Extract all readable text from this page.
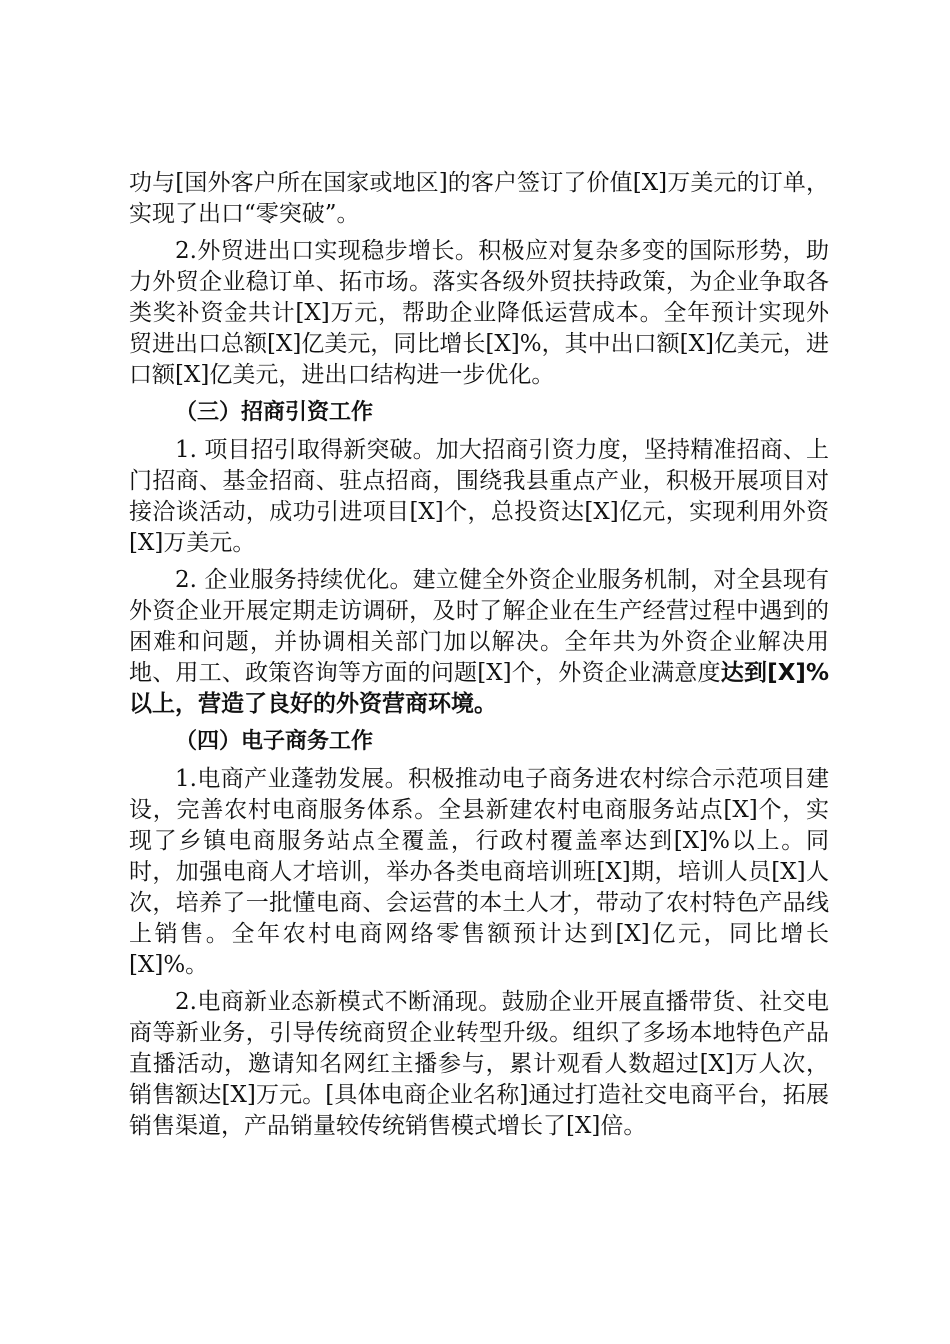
功与[国外客户所在国家或地区]的客户签订了价值[X]万美元的订单，实现了出口“零突破”。

2.外贸进出口实现稳步增长。积极应对复杂多变的国际形势，助力外贸企业稳订单、拓市场。落实各级外贸扶持政策，为企业争取各类奖补资金共计[X]万元，帮助企业降低运营成本。全年预计实现外贸进出口总额[X]亿美元，同比增长[X]%，其中出口额[X]亿美元，进口额[X]亿美元，进出口结构进一步优化。

（三）招商引资工作

1. 项目招引取得新突破。加大招商引资力度，坚持精准招商、上门招商、基金招商、驻点招商，围绕我县重点产业，积极开展项目对接洽谈活动，成功引进项目[X]个，总投资达[X]亿元，实现利用外资[X]万美元。

2. 企业服务持续优化。建立健全外资企业服务机制，对全县现有外资企业开展定期走访调研，及时了解企业在生产经营过程中遇到的困难和问题，并协调相关部门加以解决。全年共为外资企业解决用地、用工、政策咨询等方面的问题[X]个，外资企业满意度达到[X]%以上，营造了良好的外资营商环境。

（四）电子商务工作

1.电商产业蓬勃发展。积极推动电子商务进农村综合示范项目建设，完善农村电商服务体系。全县新建农村电商服务站点[X]个，实现了乡镇电商服务站点全覆盖，行政村覆盖率达到[X]%以上。同时，加强电商人才培训，举办各类电商培训班[X]期，培训人员[X]人次，培养了一批懂电商、会运营的本土人才，带动了农村特色产品线上销售。全年农村电商网络零售额预计达到[X]亿元，同比增长[X]%。

2.电商新业态新模式不断涌现。鼓励企业开展直播带货、社交电商等新业务，引导传统商贸企业转型升级。组织了多场本地特色产品直播活动，邀请知名网红主播参与，累计观看人数超过[X]万人次，销售额达[X]万元。[具体电商企业名称]通过打造社交电商平台，拓展销售渠道，产品销量较传统销售模式增长了[X]倍。
